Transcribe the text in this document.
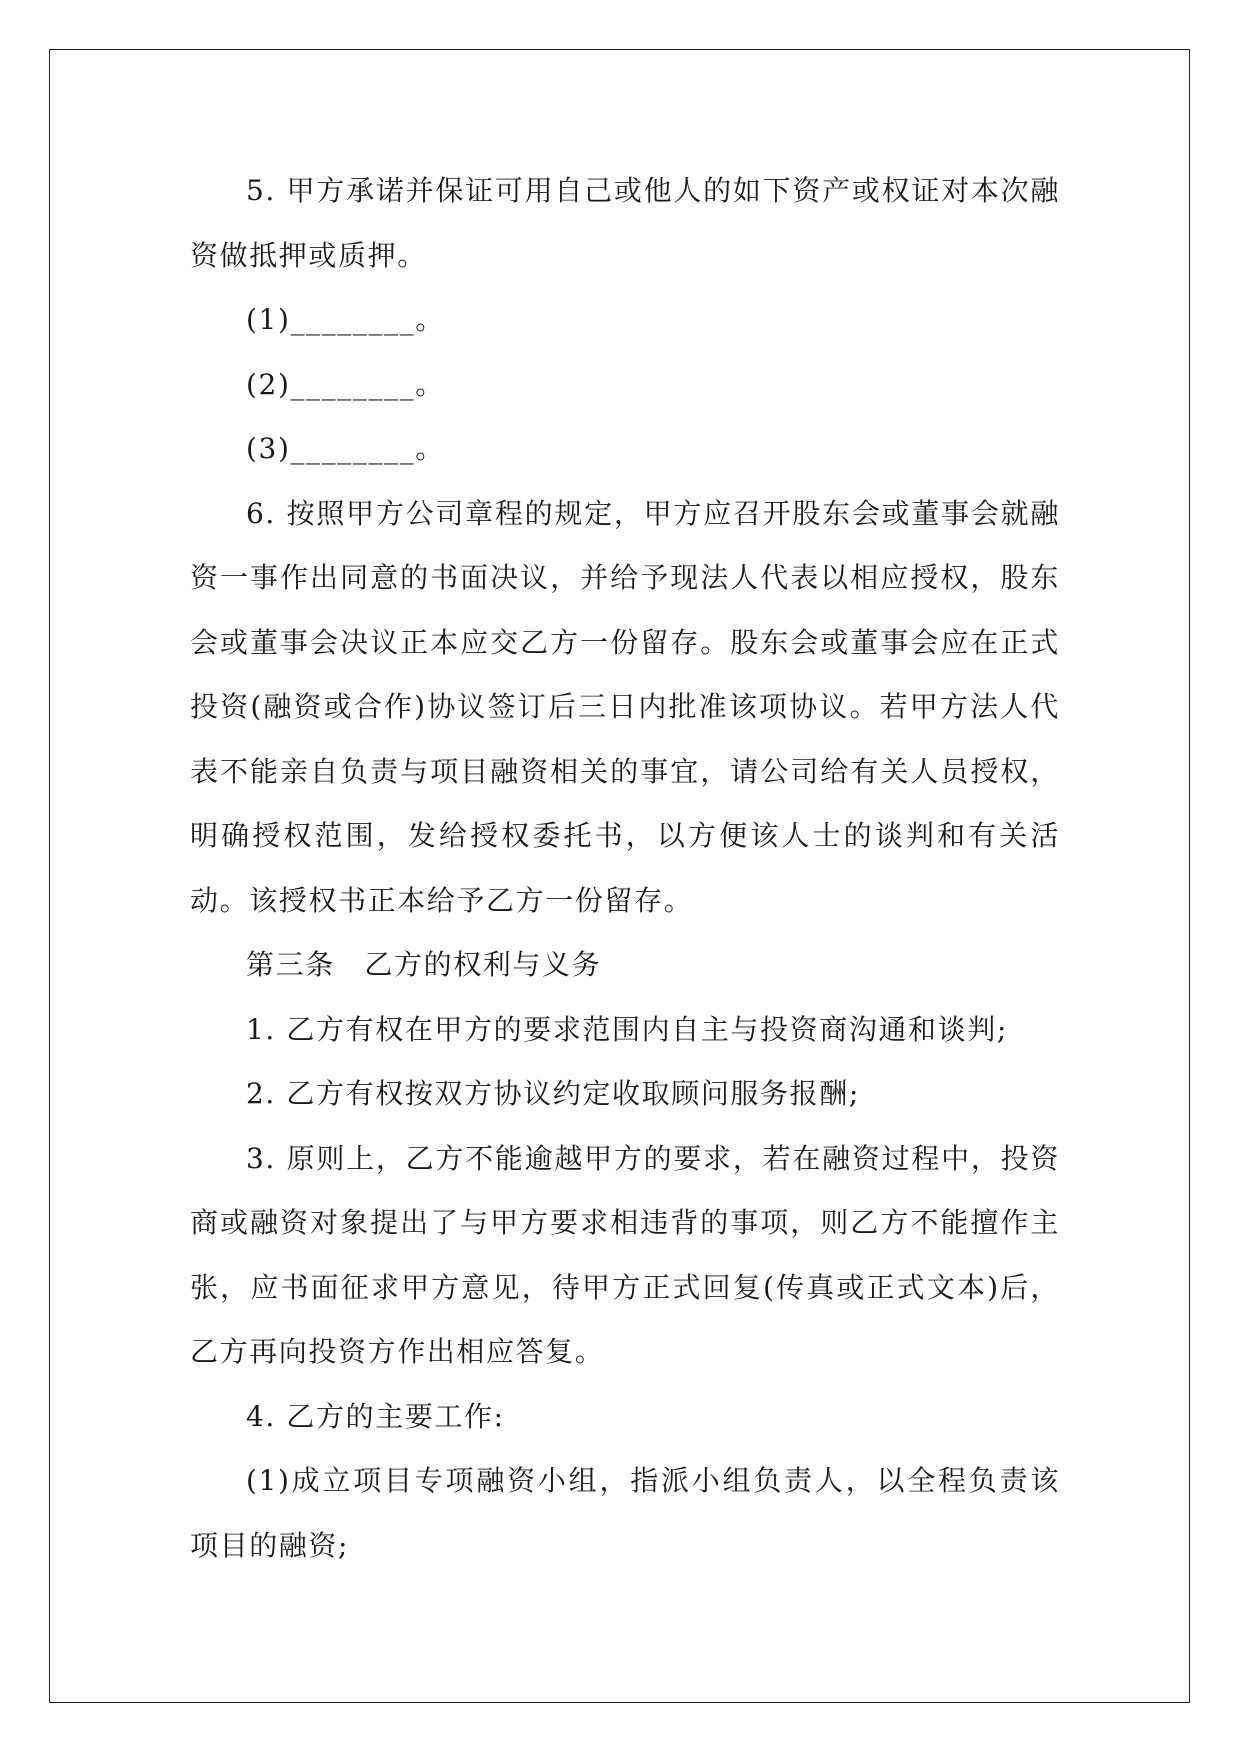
5. 甲方承诺并保证可用自己或他人的如下资产或权证对本次融资做抵押或质押。

(1)________。

(2)________。

(3)________。

6. 按照甲方公司章程的规定，甲方应召开股东会或董事会就融资一事作出同意的书面决议，并给予现法人代表以相应授权，股东会或董事会决议正本应交乙方一份留存。股东会或董事会应在正式投资(融资或合作)协议签订后三日内批准该项协议。若甲方法人代表不能亲自负责与项目融资相关的事宜，请公司给有关人员授权，明确授权范围，发给授权委托书，以方便该人士的谈判和有关活动。该授权书正本给予乙方一份留存。

第三条　乙方的权利与义务

1. 乙方有权在甲方的要求范围内自主与投资商沟通和谈判;

2. 乙方有权按双方协议约定收取顾问服务报酬;

3. 原则上，乙方不能逾越甲方的要求，若在融资过程中，投资商或融资对象提出了与甲方要求相违背的事项，则乙方不能擅作主张，应书面征求甲方意见，待甲方正式回复(传真或正式文本)后，乙方再向投资方作出相应答复。

4. 乙方的主要工作:

(1)成立项目专项融资小组，指派小组负责人，以全程负责该项目的融资;
